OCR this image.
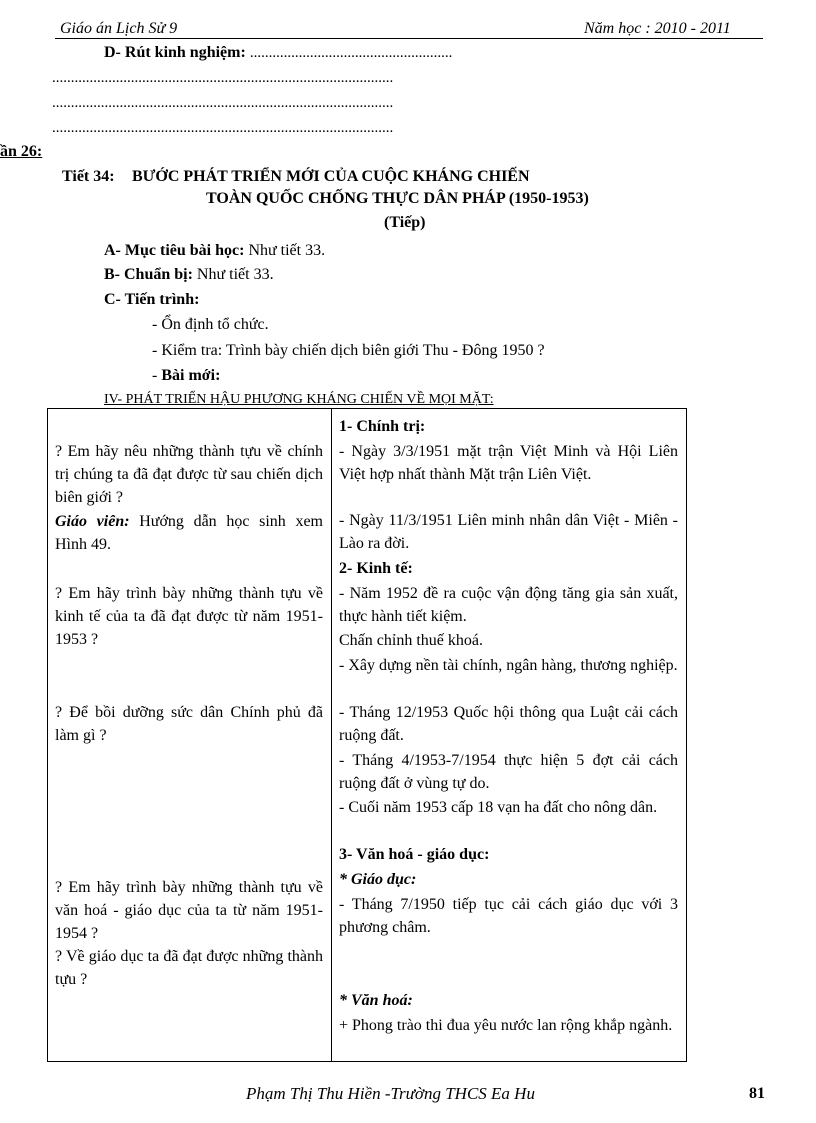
Giáo án Lịch Sử 9	Năm học : 2010 - 2011
D- Rút kinh nghiệm: ......................................................
...........................................................................................
...........................................................................................
...........................................................................................
ần 26:
Tiết 34: BƯỚC PHÁT TRIỂN MỚI CỦA CUỘC KHÁNG CHIẾN
TOÀN QUỐC CHỐNG THỰC DÂN PHÁP (1950-1953)
(Tiếp)
A- Mục tiêu bài học: Như tiết 33.
B- Chuẩn bị: Như tiết 33.
C- Tiến trình:
- Ổn định tổ chức.
- Kiểm tra: Trình bày chiến dịch biên giới Thu - Đông 1950 ?
- Bài mới:
IV- PHÁT TRIỂN HẬU PHƯƠNG KHÁNG CHIẾN VỀ MỌI MẶT:
? Em hãy nêu những thành tựu về chính trị chúng ta đã đạt được từ sau chiến dịch biên giới ?
Giáo viên: Hướng dẫn học sinh xem Hình 49.
? Em hãy trình bày những thành tựu về kinh tế của ta đã đạt được từ năm 1951-1953 ?
? Để bồi dưỡng sức dân Chính phủ đã làm gì ?
? Em hãy trình bày những thành tựu về văn hoá - giáo dục của ta từ năm 1951-1954 ?
? Về giáo dục ta đã đạt được những thành tựu ?

1- Chính trị:
- Ngày 3/3/1951 mặt trận Việt Minh và Hội Liên Việt hợp nhất thành Mặt trận Liên Việt.
- Ngày 11/3/1951 Liên minh nhân dân Việt - Miên - Lào ra đời.
2- Kinh tế:
- Năm 1952 đề ra cuộc vận động tăng gia sản xuất, thực hành tiết kiệm.
Chấn chỉnh thuế khoá.
- Xây dựng nền tài chính, ngân hàng, thương nghiệp.
- Tháng 12/1953 Quốc hội thông qua Luật cải cách ruộng đất.
- Tháng 4/1953-7/1954 thực hiện 5 đợt cải cách ruộng đất ở vùng tự do.
- Cuối năm 1953 cấp 18 vạn ha đất cho nông dân.
3- Văn hoá - giáo dục:
* Giáo dục:
- Tháng 7/1950 tiếp tục cải cách giáo dục với 3 phương châm.
* Văn hoá:
+ Phong trào thi đua yêu nước lan rộng khắp ngành.
Phạm Thị Thu Hiền -Trường THCS Ea Hu	81
